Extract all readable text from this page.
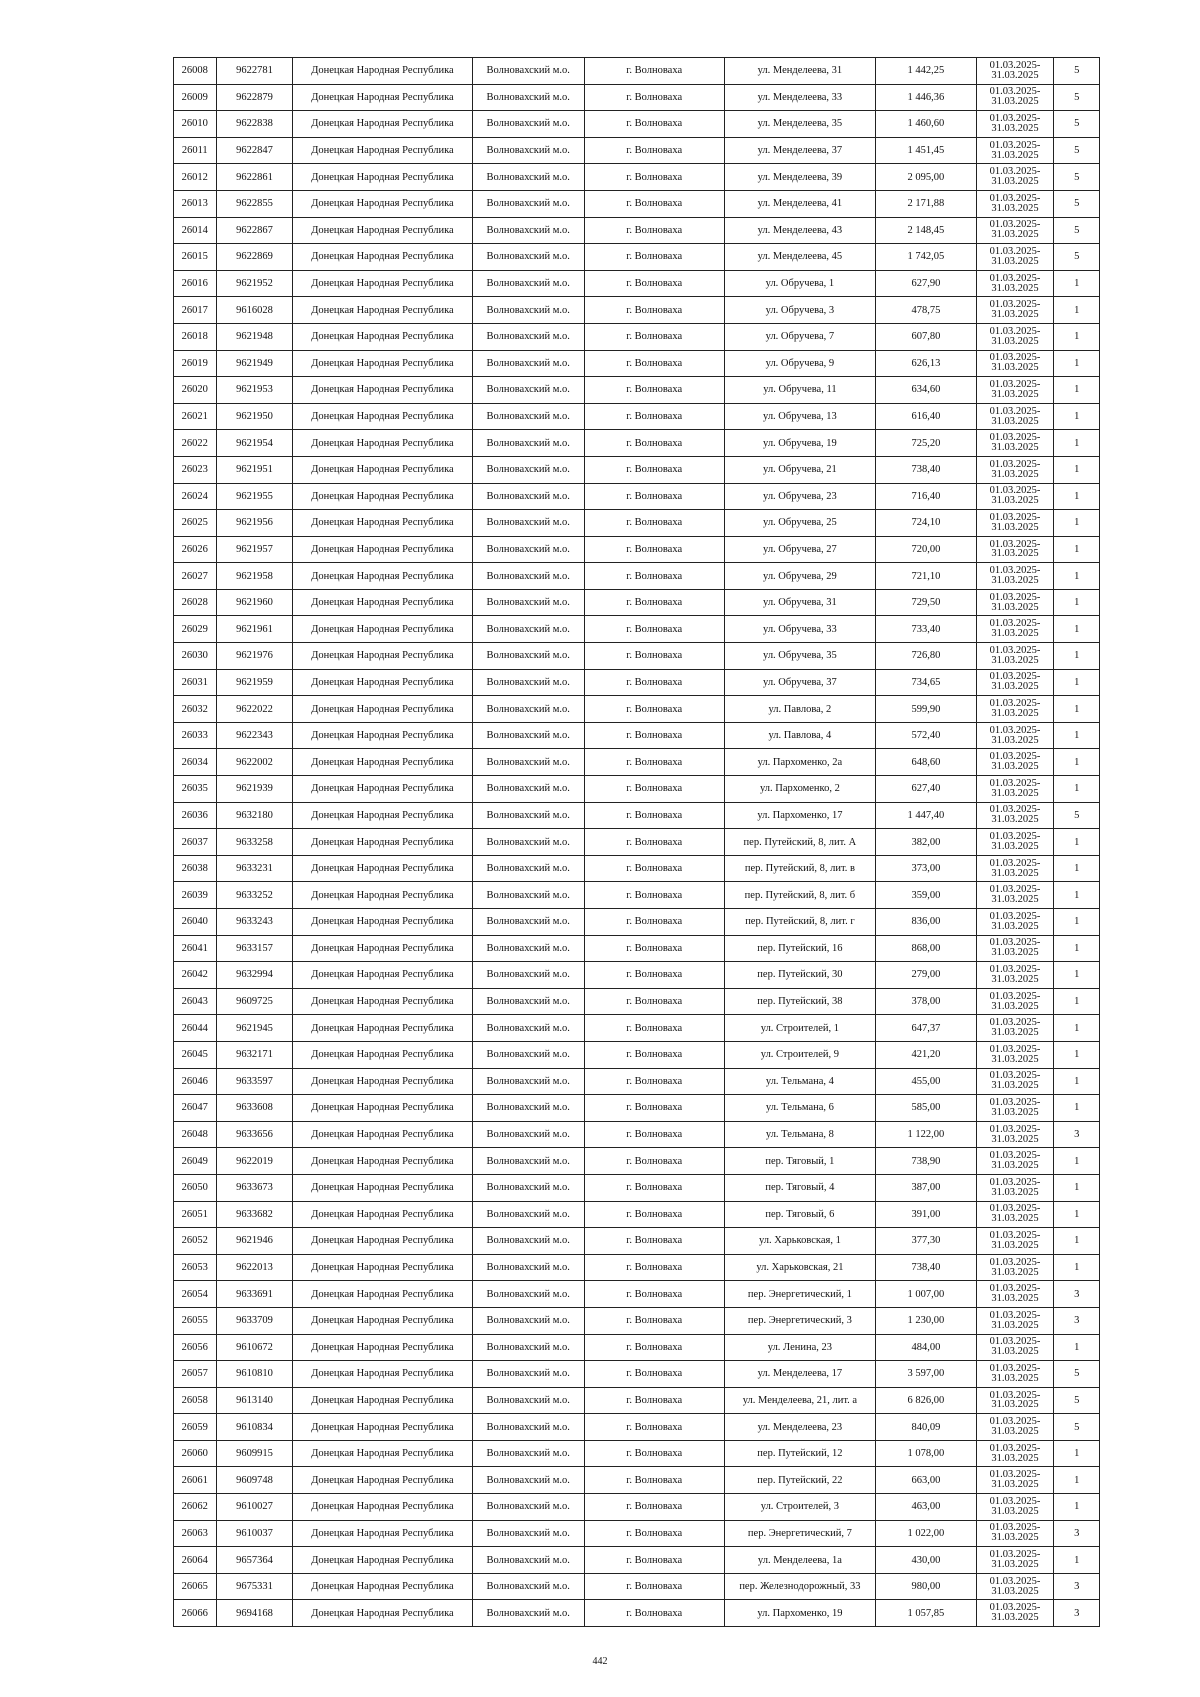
26008	9622781	Донецкая Народная Республика	Волновахский м.о.	г. Волноваха	ул. Менделеева, 31	1 442,25	01.03.2025-
31.03.2025	5
26009	9622879	Донецкая Народная Республика	Волновахский м.о.	г. Волноваха	ул. Менделеева, 33	1 446,36	01.03.2025-
31.03.2025	5
26010	9622838	Донецкая Народная Республика	Волновахский м.о.	г. Волноваха	ул. Менделеева, 35	1 460,60	01.03.2025-
31.03.2025	5
26011	9622847	Донецкая Народная Республика	Волновахский м.о.	г. Волноваха	ул. Менделеева, 37	1 451,45	01.03.2025-
31.03.2025	5
26012	9622861	Донецкая Народная Республика	Волновахский м.о.	г. Волноваха	ул. Менделеева, 39	2 095,00	01.03.2025-
31.03.2025	5
26013	9622855	Донецкая Народная Республика	Волновахский м.о.	г. Волноваха	ул. Менделеева, 41	2 171,88	01.03.2025-
31.03.2025	5
26014	9622867	Донецкая Народная Республика	Волновахский м.о.	г. Волноваха	ул. Менделеева, 43	2 148,45	01.03.2025-
31.03.2025	5
26015	9622869	Донецкая Народная Республика	Волновахский м.о.	г. Волноваха	ул. Менделеева, 45	1 742,05	01.03.2025-
31.03.2025	5
26016	9621952	Донецкая Народная Республика	Волновахский м.о.	г. Волноваха	ул. Обручева, 1	627,90	01.03.2025-
31.03.2025	1
26017	9616028	Донецкая Народная Республика	Волновахский м.о.	г. Волноваха	ул. Обручева, 3	478,75	01.03.2025-
31.03.2025	1
26018	9621948	Донецкая Народная Республика	Волновахский м.о.	г. Волноваха	ул. Обручева, 7	607,80	01.03.2025-
31.03.2025	1
26019	9621949	Донецкая Народная Республика	Волновахский м.о.	г. Волноваха	ул. Обручева, 9	626,13	01.03.2025-
31.03.2025	1
26020	9621953	Донецкая Народная Республика	Волновахский м.о.	г. Волноваха	ул. Обручева, 11	634,60	01.03.2025-
31.03.2025	1
26021	9621950	Донецкая Народная Республика	Волновахский м.о.	г. Волноваха	ул. Обручева, 13	616,40	01.03.2025-
31.03.2025	1
26022	9621954	Донецкая Народная Республика	Волновахский м.о.	г. Волноваха	ул. Обручева, 19	725,20	01.03.2025-
31.03.2025	1
26023	9621951	Донецкая Народная Республика	Волновахский м.о.	г. Волноваха	ул. Обручева, 21	738,40	01.03.2025-
31.03.2025	1
26024	9621955	Донецкая Народная Республика	Волновахский м.о.	г. Волноваха	ул. Обручева, 23	716,40	01.03.2025-
31.03.2025	1
26025	9621956	Донецкая Народная Республика	Волновахский м.о.	г. Волноваха	ул. Обручева, 25	724,10	01.03.2025-
31.03.2025	1
26026	9621957	Донецкая Народная Республика	Волновахский м.о.	г. Волноваха	ул. Обручева, 27	720,00	01.03.2025-
31.03.2025	1
26027	9621958	Донецкая Народная Республика	Волновахский м.о.	г. Волноваха	ул. Обручева, 29	721,10	01.03.2025-
31.03.2025	1
26028	9621960	Донецкая Народная Республика	Волновахский м.о.	г. Волноваха	ул. Обручева, 31	729,50	01.03.2025-
31.03.2025	1
26029	9621961	Донецкая Народная Республика	Волновахский м.о.	г. Волноваха	ул. Обручева, 33	733,40	01.03.2025-
31.03.2025	1
26030	9621976	Донецкая Народная Республика	Волновахский м.о.	г. Волноваха	ул. Обручева, 35	726,80	01.03.2025-
31.03.2025	1
26031	9621959	Донецкая Народная Республика	Волновахский м.о.	г. Волноваха	ул. Обручева, 37	734,65	01.03.2025-
31.03.2025	1
26032	9622022	Донецкая Народная Республика	Волновахский м.о.	г. Волноваха	ул. Павлова, 2	599,90	01.03.2025-
31.03.2025	1
26033	9622343	Донецкая Народная Республика	Волновахский м.о.	г. Волноваха	ул. Павлова, 4	572,40	01.03.2025-
31.03.2025	1
26034	9622002	Донецкая Народная Республика	Волновахский м.о.	г. Волноваха	ул. Пархоменко, 2а	648,60	01.03.2025-
31.03.2025	1
26035	9621939	Донецкая Народная Республика	Волновахский м.о.	г. Волноваха	ул. Пархоменко, 2	627,40	01.03.2025-
31.03.2025	1
26036	9632180	Донецкая Народная Республика	Волновахский м.о.	г. Волноваха	ул. Пархоменко, 17	1 447,40	01.03.2025-
31.03.2025	5
26037	9633258	Донецкая Народная Республика	Волновахский м.о.	г. Волноваха	пер. Путейский, 8, лит. А	382,00	01.03.2025-
31.03.2025	1
26038	9633231	Донецкая Народная Республика	Волновахский м.о.	г. Волноваха	пер. Путейский, 8, лит. в	373,00	01.03.2025-
31.03.2025	1
26039	9633252	Донецкая Народная Республика	Волновахский м.о.	г. Волноваха	пер. Путейский, 8, лит. б	359,00	01.03.2025-
31.03.2025	1
26040	9633243	Донецкая Народная Республика	Волновахский м.о.	г. Волноваха	пер. Путейский, 8, лит. г	836,00	01.03.2025-
31.03.2025	1
26041	9633157	Донецкая Народная Республика	Волновахский м.о.	г. Волноваха	пер. Путейский, 16	868,00	01.03.2025-
31.03.2025	1
26042	9632994	Донецкая Народная Республика	Волновахский м.о.	г. Волноваха	пер. Путейский, 30	279,00	01.03.2025-
31.03.2025	1
26043	9609725	Донецкая Народная Республика	Волновахский м.о.	г. Волноваха	пер. Путейский, 38	378,00	01.03.2025-
31.03.2025	1
26044	9621945	Донецкая Народная Республика	Волновахский м.о.	г. Волноваха	ул. Строителей, 1	647,37	01.03.2025-
31.03.2025	1
26045	9632171	Донецкая Народная Республика	Волновахский м.о.	г. Волноваха	ул. Строителей, 9	421,20	01.03.2025-
31.03.2025	1
26046	9633597	Донецкая Народная Республика	Волновахский м.о.	г. Волноваха	ул. Тельмана, 4	455,00	01.03.2025-
31.03.2025	1
26047	9633608	Донецкая Народная Республика	Волновахский м.о.	г. Волноваха	ул. Тельмана, 6	585,00	01.03.2025-
31.03.2025	1
26048	9633656	Донецкая Народная Республика	Волновахский м.о.	г. Волноваха	ул. Тельмана, 8	1 122,00	01.03.2025-
31.03.2025	3
26049	9622019	Донецкая Народная Республика	Волновахский м.о.	г. Волноваха	пер. Тяговый, 1	738,90	01.03.2025-
31.03.2025	1
26050	9633673	Донецкая Народная Республика	Волновахский м.о.	г. Волноваха	пер. Тяговый, 4	387,00	01.03.2025-
31.03.2025	1
26051	9633682	Донецкая Народная Республика	Волновахский м.о.	г. Волноваха	пер. Тяговый, 6	391,00	01.03.2025-
31.03.2025	1
26052	9621946	Донецкая Народная Республика	Волновахский м.о.	г. Волноваха	ул. Харьковская, 1	377,30	01.03.2025-
31.03.2025	1
26053	9622013	Донецкая Народная Республика	Волновахский м.о.	г. Волноваха	ул. Харьковская, 21	738,40	01.03.2025-
31.03.2025	1
26054	9633691	Донецкая Народная Республика	Волновахский м.о.	г. Волноваха	пер. Энергетический, 1	1 007,00	01.03.2025-
31.03.2025	3
26055	9633709	Донецкая Народная Республика	Волновахский м.о.	г. Волноваха	пер. Энергетический, 3	1 230,00	01.03.2025-
31.03.2025	3
26056	9610672	Донецкая Народная Республика	Волновахский м.о.	г. Волноваха	ул. Ленина, 23	484,00	01.03.2025-
31.03.2025	1
26057	9610810	Донецкая Народная Республика	Волновахский м.о.	г. Волноваха	ул. Менделеева, 17	3 597,00	01.03.2025-
31.03.2025	5
26058	9613140	Донецкая Народная Республика	Волновахский м.о.	г. Волноваха	ул. Менделеева, 21, лит. а	6 826,00	01.03.2025-
31.03.2025	5
26059	9610834	Донецкая Народная Республика	Волновахский м.о.	г. Волноваха	ул. Менделеева, 23	840,09	01.03.2025-
31.03.2025	5
26060	9609915	Донецкая Народная Республика	Волновахский м.о.	г. Волноваха	пер. Путейский, 12	1 078,00	01.03.2025-
31.03.2025	1
26061	9609748	Донецкая Народная Республика	Волновахский м.о.	г. Волноваха	пер. Путейский, 22	663,00	01.03.2025-
31.03.2025	1
26062	9610027	Донецкая Народная Республика	Волновахский м.о.	г. Волноваха	ул. Строителей, 3	463,00	01.03.2025-
31.03.2025	1
26063	9610037	Донецкая Народная Республика	Волновахский м.о.	г. Волноваха	пер. Энергетический, 7	1 022,00	01.03.2025-
31.03.2025	3
26064	9657364	Донецкая Народная Республика	Волновахский м.о.	г. Волноваха	ул. Менделеева, 1а	430,00	01.03.2025-
31.03.2025	1
26065	9675331	Донецкая Народная Республика	Волновахский м.о.	г. Волноваха	пер. Железнодорожный, 33	980,00	01.03.2025-
31.03.2025	3
26066	9694168	Донецкая Народная Республика	Волновахский м.о.	г. Волноваха	ул. Пархоменко, 19	1 057,85	01.03.2025-
31.03.2025	3
442
